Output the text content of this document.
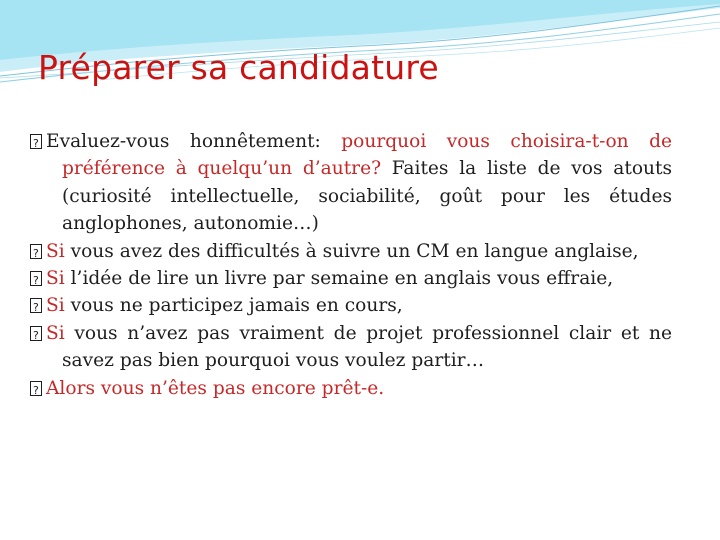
Préparer sa candidature
?Evaluez-vous honnêtement: pourquoi vous choisira-t-on de préférence à quelqu’un d’autre? Faites la liste de vos atouts (curiosité intellectuelle, sociabilité, goût pour les études anglophones, autonomie…)
?Si vous avez des difficultés à suivre un CM en langue anglaise,
?Si l’idée de lire un livre par semaine en anglais vous effraie,
?Si vous ne participez jamais en cours,
?Si vous n’avez pas vraiment de projet professionnel clair et ne savez pas bien pourquoi vous voulez partir…
?Alors vous n’êtes pas encore prêt-e.
